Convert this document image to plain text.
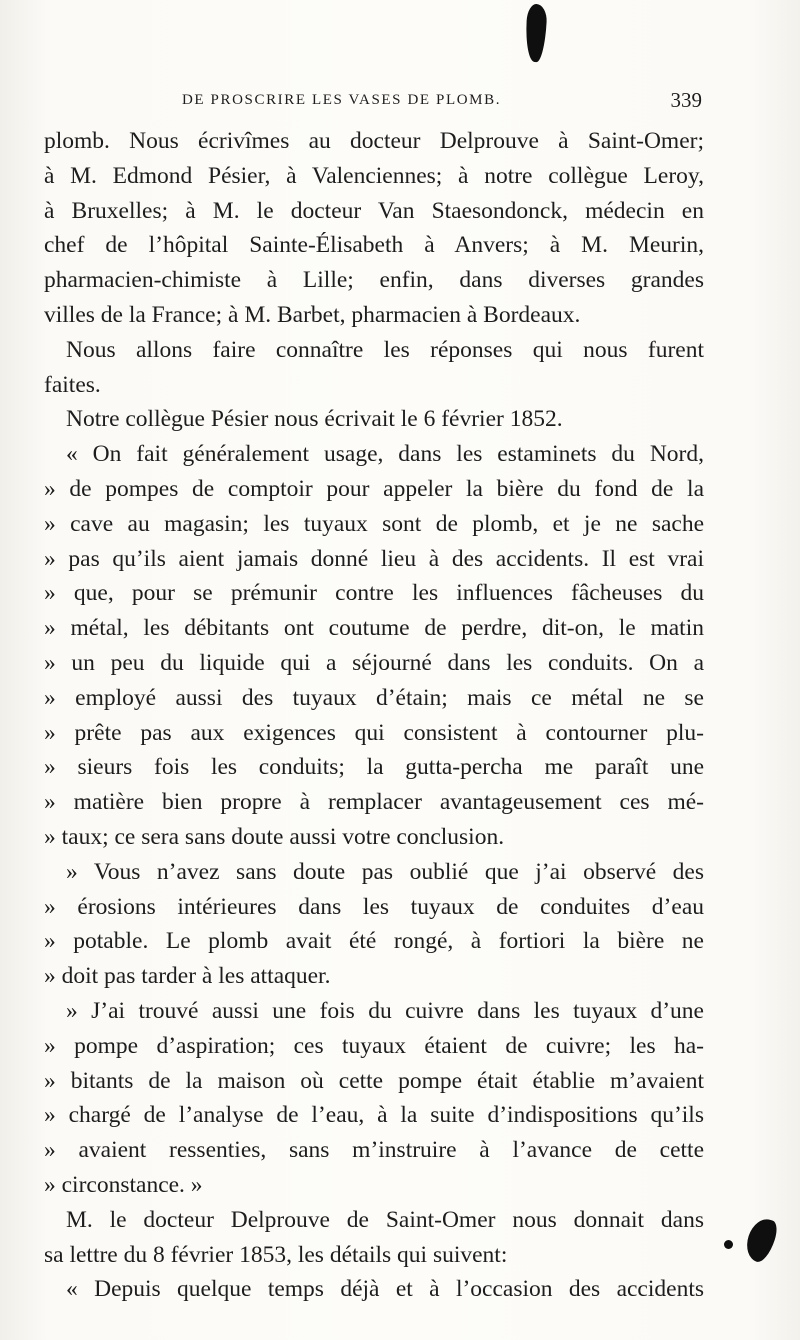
DE PROSCRIRE LES VASES DE PLOMB.	339
plomb. Nous écrivîmes au docteur Delprouve à Saint-Omer;
à M. Edmond Pésier, à Valenciennes; à notre collègue Leroy,
à Bruxelles; à M. le docteur Van Staesondonck, médecin en
chef de l’hôpital Sainte-Élisabeth à Anvers; à M. Meurin,
pharmacien-chimiste à Lille; enfin, dans diverses grandes
villes de la France; à M. Barbet, pharmacien à Bordeaux.
Nous allons faire connaître les réponses qui nous furent
faites.
Notre collègue Pésier nous écrivait le 6 février 1852.
« On fait généralement usage, dans les estaminets du Nord,
» de pompes de comptoir pour appeler la bière du fond de la
» cave au magasin; les tuyaux sont de plomb, et je ne sache
» pas qu’ils aient jamais donné lieu à des accidents. Il est vrai
» que, pour se prémunir contre les influences fâcheuses du
» métal, les débitants ont coutume de perdre, dit-on, le matin
» un peu du liquide qui a séjourné dans les conduits. On a
» employé aussi des tuyaux d’étain; mais ce métal ne se
» prête pas aux exigences qui consistent à contourner plu-
» sieurs fois les conduits; la gutta-percha me paraît une
» matière bien propre à remplacer avantageusement ces mé-
» taux; ce sera sans doute aussi votre conclusion.
» Vous n’avez sans doute pas oublié que j’ai observé des
» érosions intérieures dans les tuyaux de conduites d’eau
» potable. Le plomb avait été rongé, à fortiori la bière ne
» doit pas tarder à les attaquer.
» J’ai trouvé aussi une fois du cuivre dans les tuyaux d’une
» pompe d’aspiration; ces tuyaux étaient de cuivre; les ha-
» bitants de la maison où cette pompe était établie m’avaient
» chargé de l’analyse de l’eau, à la suite d’indispositions qu’ils
» avaient ressenties, sans m’instruire à l’avance de cette
» circonstance. »
M. le docteur Delprouve de Saint-Omer nous donnait dans
sa lettre du 8 février 1853, les détails qui suivent:
« Depuis quelque temps déjà et à l’occasion des accidents
